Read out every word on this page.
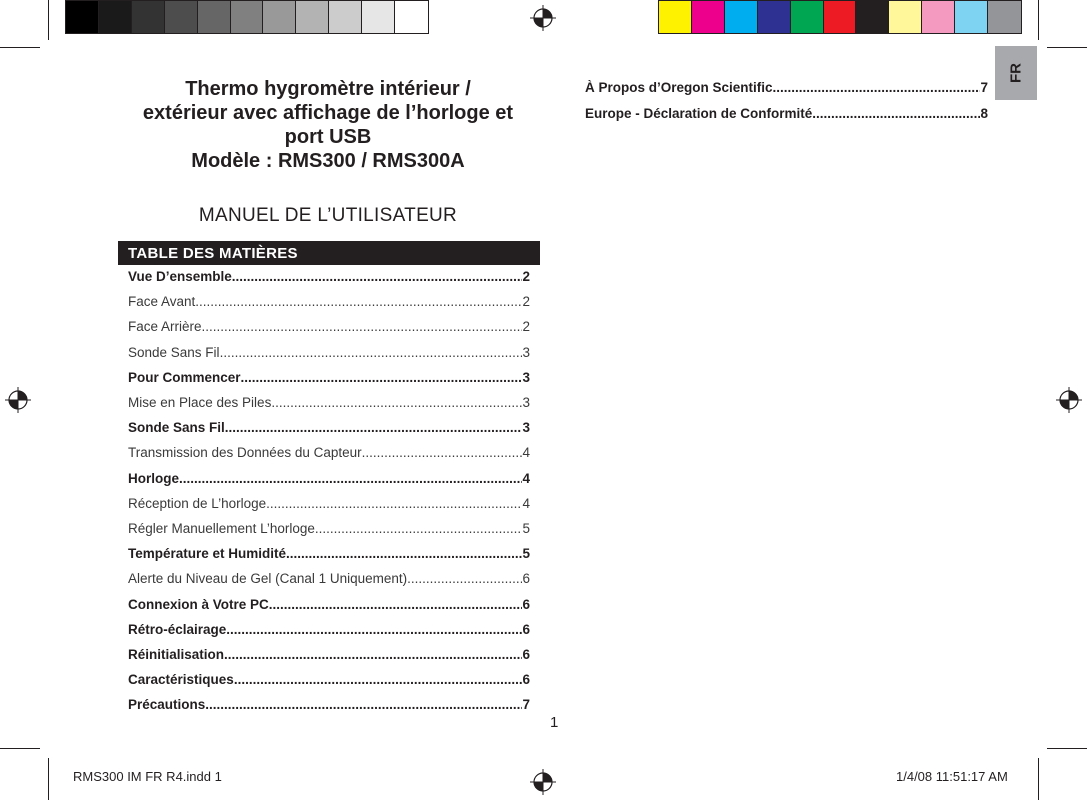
Thermo hygromètre intérieur /
extérieur avec affichage de l’horloge et
port USB
Modèle : RMS300 / RMS300A
MANUEL DE L’UTILISATEUR
TABLE DES MATIÈRES
Vue D’ensemble .....	2
Face Avant .....	2
Face Arrière .....	2
Sonde Sans Fil .....	3
Pour Commencer .....	3
Mise en Place des Piles .....	3
Sonde Sans Fil .....	3
Transmission des Données du Capteur .....	4
Horloge .....	4
Réception de L’horloge .....	4
Régler Manuellement L’horloge .....	5
Température et Humidité .....	5
Alerte du Niveau de Gel (Canal 1 Uniquement) .....	6
Connexion à Votre PC .....	6
Rétro-éclairage .....	6
Réinitialisation .....	6
Caractéristiques .....	6
Précautions .....	7
À Propos d’Oregon Scientific .....	7
Europe - Déclaration de Conformité .....	8
FR
1
RMS300 IM FR R4.indd 1	1/4/08 11:51:17 AM
